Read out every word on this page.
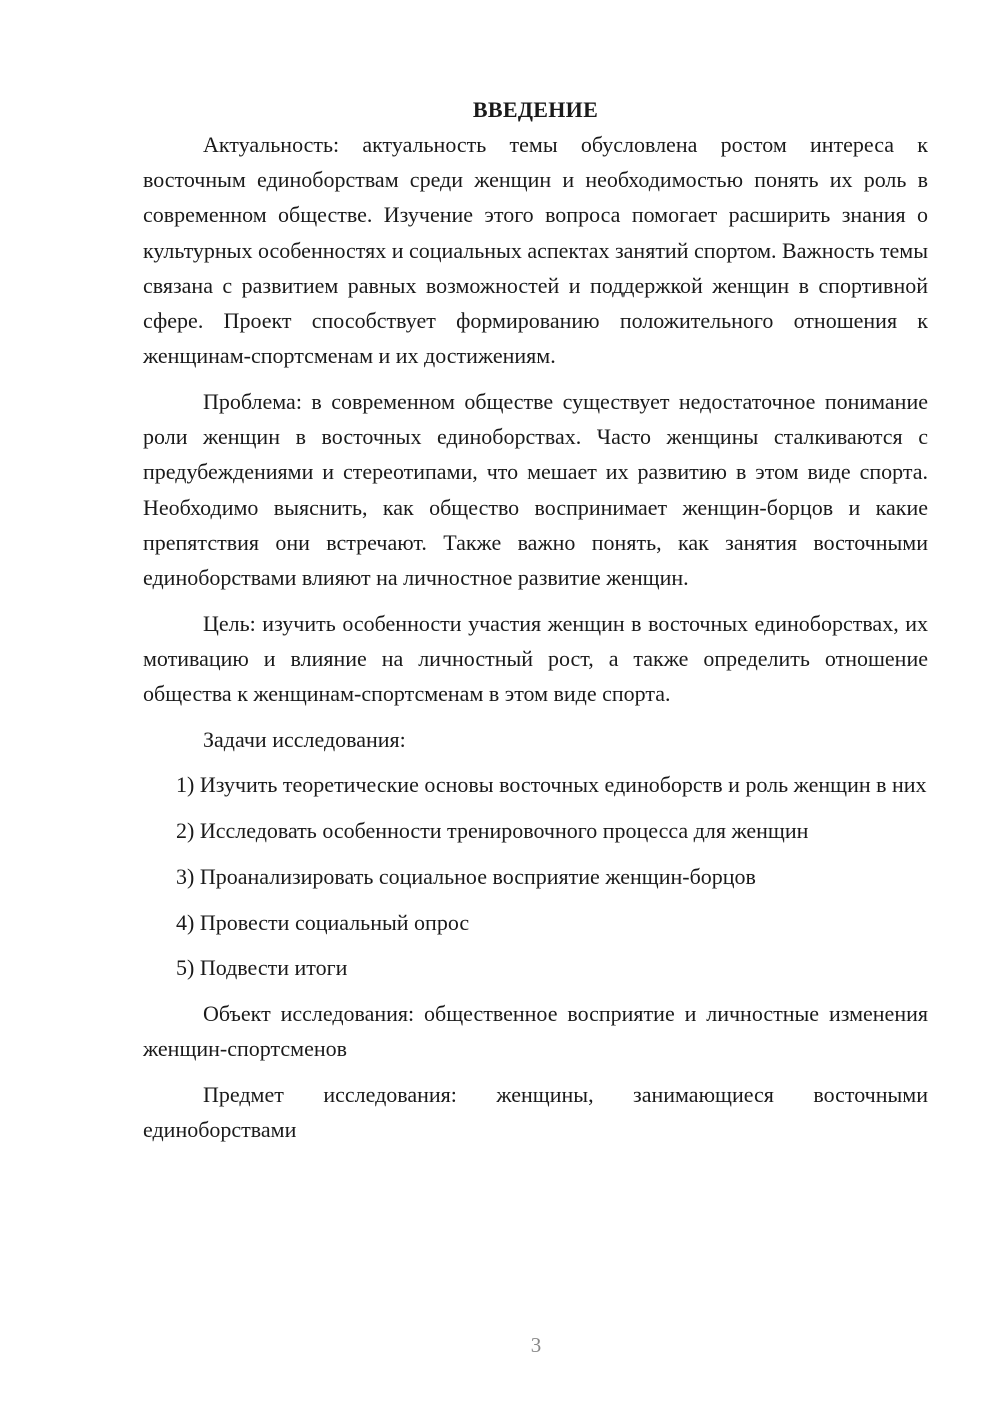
ВВЕДЕНИЕ

Актуальность: актуальность темы обусловлена ростом интереса к восточным единоборствам среди женщин и необходимостью понять их роль в современном обществе. Изучение этого вопроса помогает расширить знания о культурных особенностях и социальных аспектах занятий спортом. Важность темы связана с развитием равных возможностей и поддержкой женщин в спортивной сфере. Проект способствует формированию положительного отношения к женщинам-спортсменам и их достижениям.

Проблема: в современном обществе существует недостаточное понимание роли женщин в восточных единоборствах. Часто женщины сталкиваются с предубеждениями и стереотипами, что мешает их развитию в этом виде спорта. Необходимо выяснить, как общество воспринимает женщин-борцов и какие препятствия они встречают. Также важно понять, как занятия восточными единоборствами влияют на личностное развитие женщин.

Цель: изучить особенности участия женщин в восточных единоборствах, их мотивацию и влияние на личностный рост, а также определить отношение общества к женщинам-спортсменам в этом виде спорта.

Задачи исследования:

1) Изучить теоретические основы восточных единоборств и роль женщин в них

2) Исследовать особенности тренировочного процесса для женщин

3) Проанализировать социальное восприятие женщин-борцов

4) Провести социальный опрос

5) Подвести итоги

Объект исследования: общественное восприятие и личностные изменения женщин-спортсменов

Предмет исследования: женщины, занимающиеся восточными единоборствами

3
